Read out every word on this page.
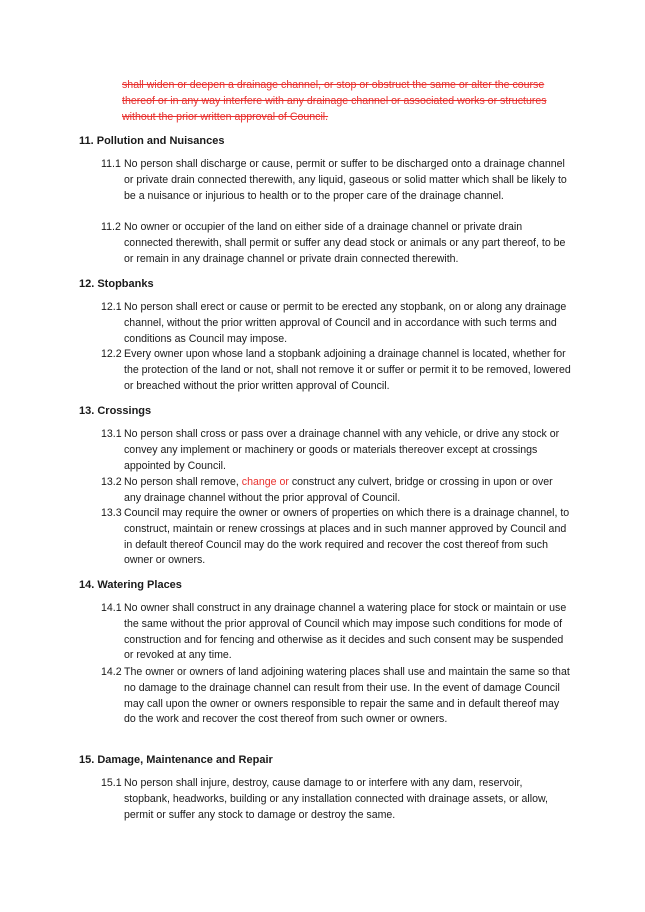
shall widen or deepen a drainage channel, or stop or obstruct the same or alter the course thereof or in any way interfere with any drainage channel or associated works or structures without the prior written approval of Council.
11. Pollution and Nuisances
11.1 No person shall discharge or cause, permit or suffer to be discharged onto a drainage channel or private drain connected therewith, any liquid, gaseous or solid matter which shall be likely to be a nuisance or injurious to health or to the proper care of the drainage channel.
11.2 No owner or occupier of the land on either side of a drainage channel or private drain connected therewith, shall permit or suffer any dead stock or animals or any part thereof, to be or remain in any drainage channel or private drain connected therewith.
12. Stopbanks
12.1 No person shall erect or cause or permit to be erected any stopbank, on or along any drainage channel, without the prior written approval of Council and in accordance with such terms and conditions as Council may impose.
12.2 Every owner upon whose land a stopbank adjoining a drainage channel is located, whether for the protection of the land or not, shall not remove it or suffer or permit it to be removed, lowered or breached without the prior written approval of Council.
13. Crossings
13.1 No person shall cross or pass over a drainage channel with any vehicle, or drive any stock or convey any implement or machinery or goods or materials thereover except at crossings appointed by Council.
13.2 No person shall remove, change or construct any culvert, bridge or crossing in upon or over any drainage channel without the prior approval of Council.
13.3 Council may require the owner or owners of properties on which there is a drainage channel, to construct, maintain or renew crossings at places and in such manner approved by Council and in default thereof Council may do the work required and recover the cost thereof from such owner or owners.
14. Watering Places
14.1 No owner shall construct in any drainage channel a watering place for stock or maintain or use the same without the prior approval of Council which may impose such conditions for mode of construction and for fencing and otherwise as it decides and such consent may be suspended or revoked at any time.
14.2 The owner or owners of land adjoining watering places shall use and maintain the same so that no damage to the drainage channel can result from their use. In the event of damage Council may call upon the owner or owners responsible to repair the same and in default thereof may do the work and recover the cost thereof from such owner or owners.
15. Damage, Maintenance and Repair
15.1 No person shall injure, destroy, cause damage to or interfere with any dam, reservoir, stopbank, headworks, building or any installation connected with drainage assets, or allow, permit or suffer any stock to damage or destroy the same.
